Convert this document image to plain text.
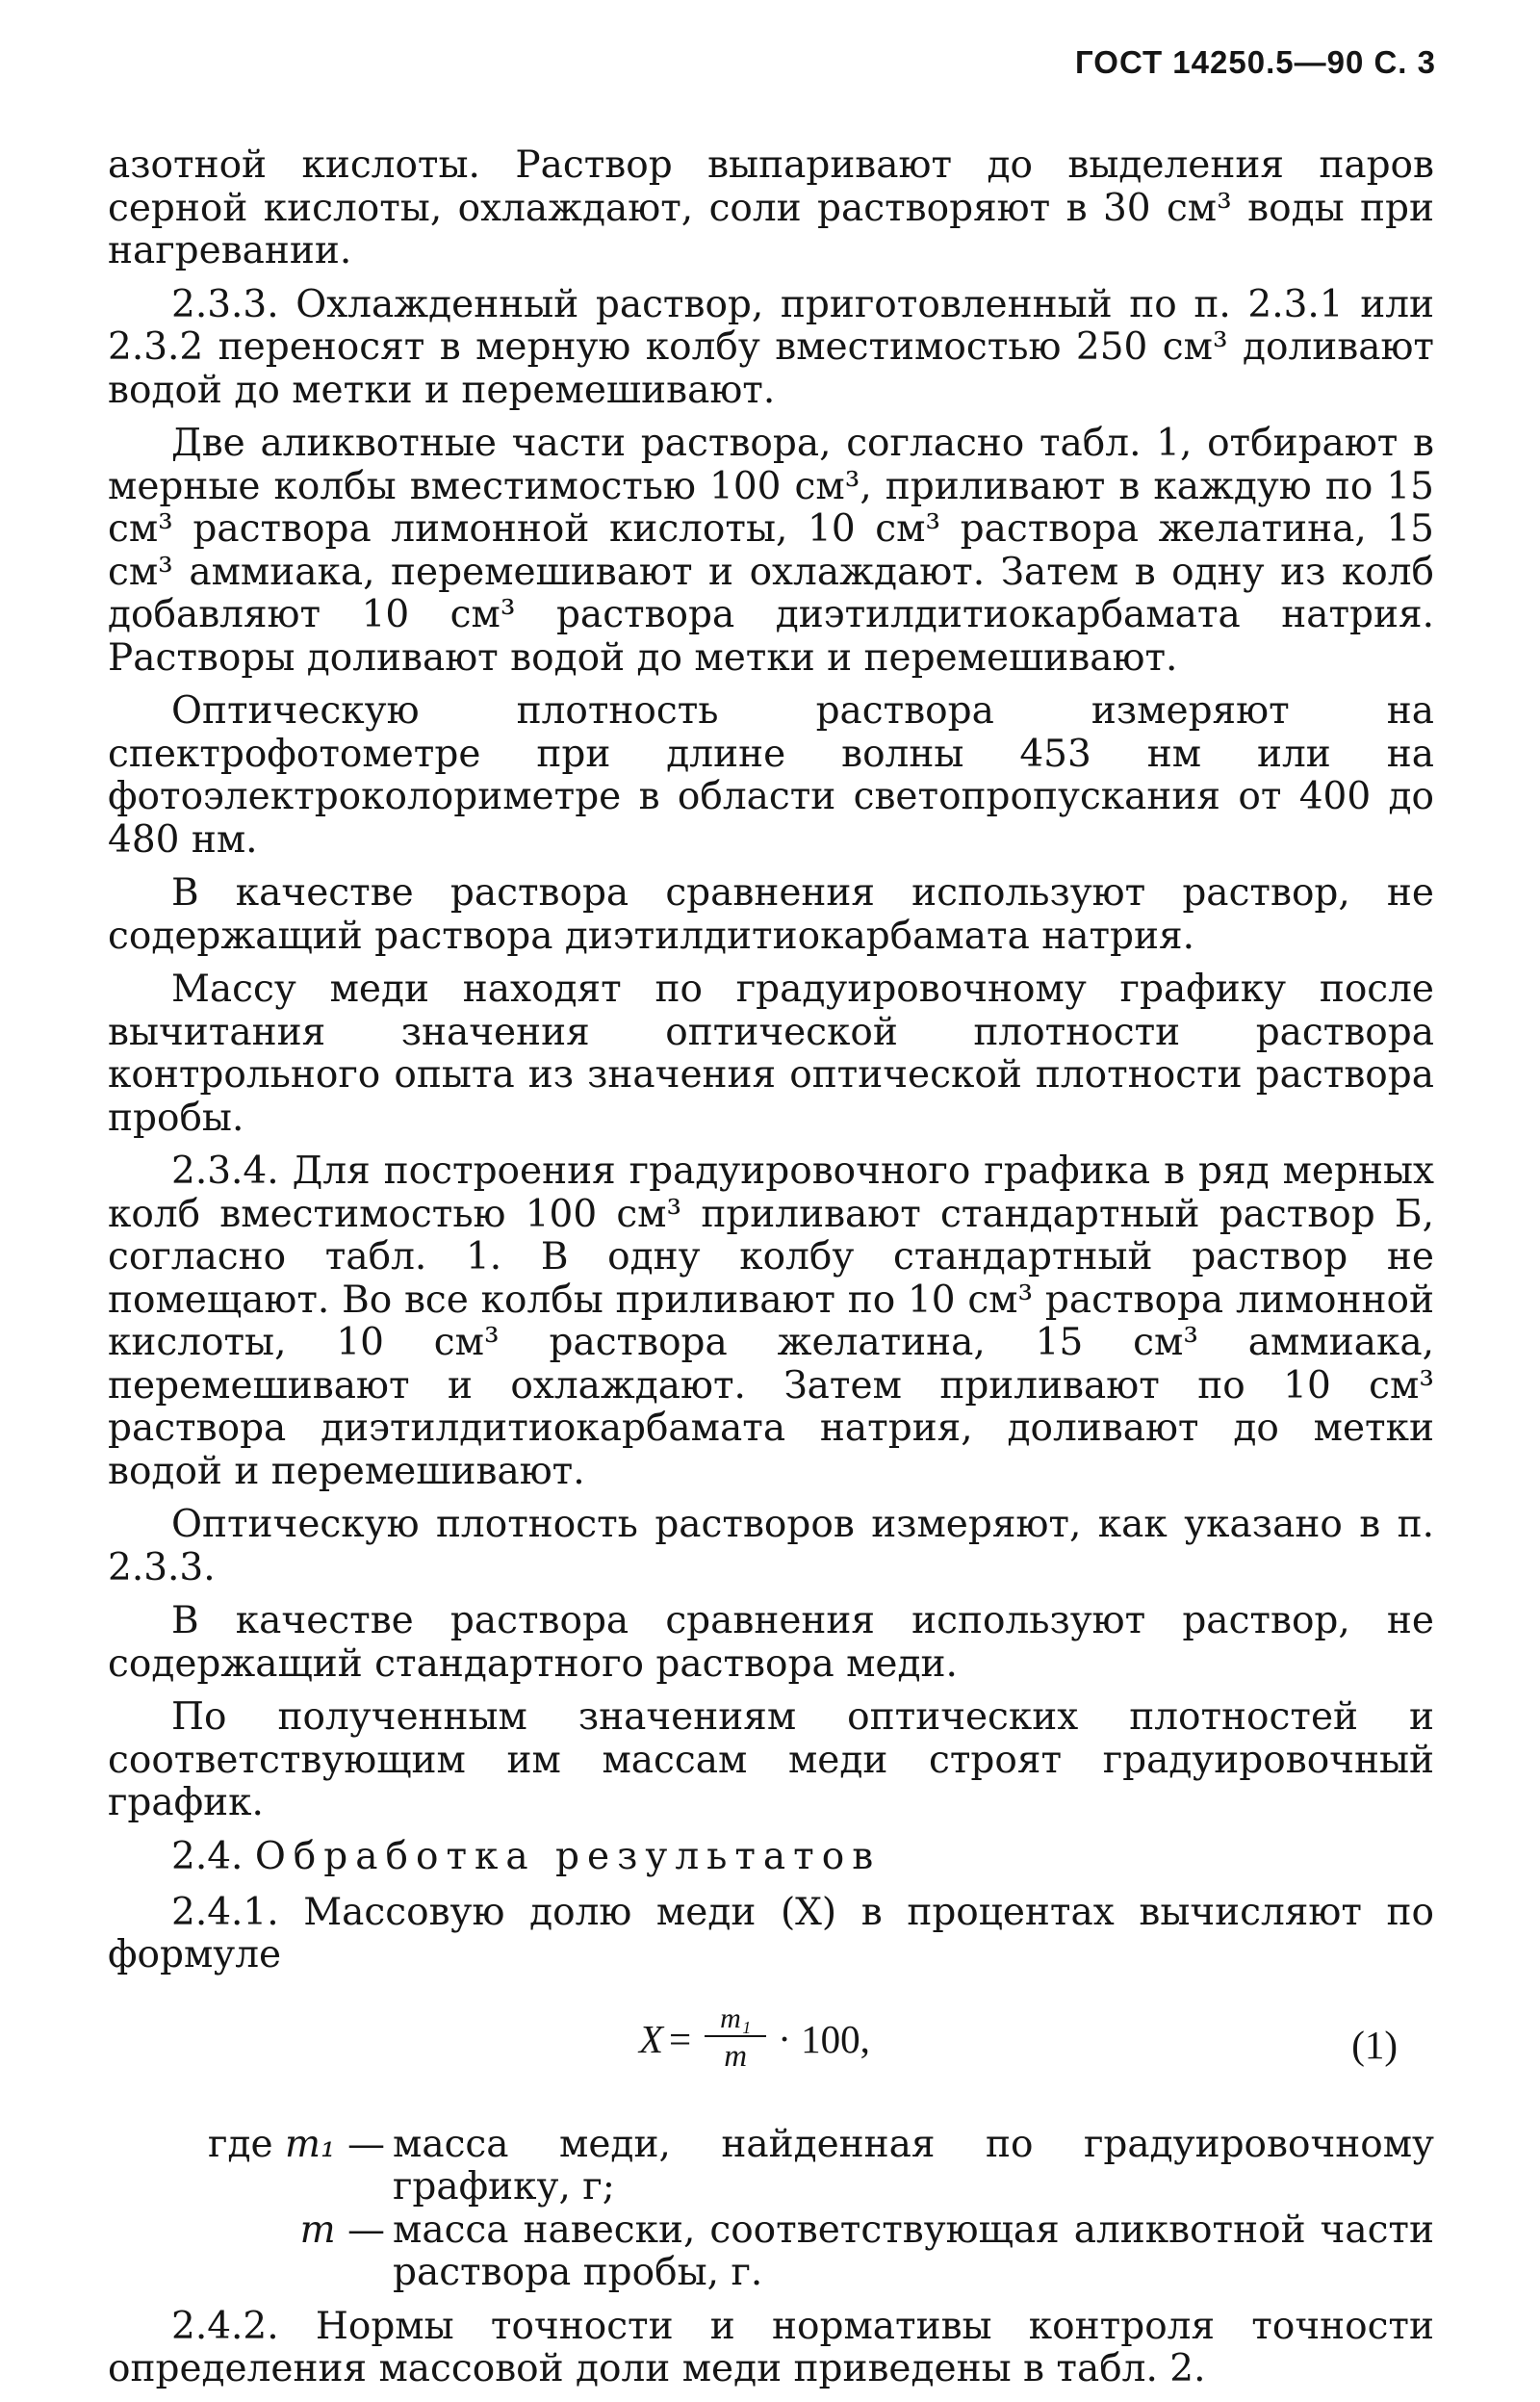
ГОСТ 14250.5—90 С. 3

азотной кислоты. Раствор выпаривают до выделения паров серной кислоты, охлаждают, соли растворяют в 30 см³ воды при нагревании.

2.3.3. Охлажденный раствор, приготовленный по п. 2.3.1 или 2.3.2 переносят в мерную колбу вместимостью 250 см³ доливают водой до метки и перемешивают.

Две аликвотные части раствора, согласно табл. 1, отбирают в мерные колбы вместимостью 100 см³, приливают в каждую по 15 см³ раствора лимонной кислоты, 10 см³ раствора желатина, 15 см³ аммиака, перемешивают и охлаждают. Затем в одну из колб добавляют 10 см³ раствора диэтилдитиокарбамата натрия. Растворы доливают водой до метки и перемешивают.

Оптическую плотность раствора измеряют на спектрофотометре при длине волны 453 нм или на фотоэлектроколориметре в области светопропускания от 400 до 480 нм.

В качестве раствора сравнения используют раствор, не содержащий раствора диэтилдитиокарбамата натрия.

Массу меди находят по градуировочному графику после вычитания значения оптической плотности раствора контрольного опыта из значения оптической плотности раствора пробы.

2.3.4. Для построения градуировочного графика в ряд мерных колб вместимостью 100 см³ приливают стандартный раствор Б, согласно табл. 1. В одну колбу стандартный раствор не помещают. Во все колбы приливают по 10 см³ раствора лимонной кислоты, 10 см³ раствора желатина, 15 см³ аммиака, перемешивают и охлаждают. Затем приливают по 10 см³ раствора диэтилдитиокарбамата натрия, доливают до метки водой и перемешивают.

Оптическую плотность растворов измеряют, как указано в п. 2.3.3.

В качестве раствора сравнения используют раствор, не содержащий стандартного раствора меди.

По полученным значениям оптических плотностей и соответствующим им массам меди строят градуировочный график.

2.4. Обработка результатов

2.4.1. Массовую долю меди (X) в процентах вычисляют по формуле

$X = \frac{\text{m₁}}{m} \cdot 100$,	(1)
где m₁ — масса меди, найденная по градуировочному графику, г;
m — масса навески, соответствующая аликвотной части раствора пробы, г.

2.4.2. Нормы точности и нормативы контроля точности определения массовой доли меди приведены в табл. 2.
